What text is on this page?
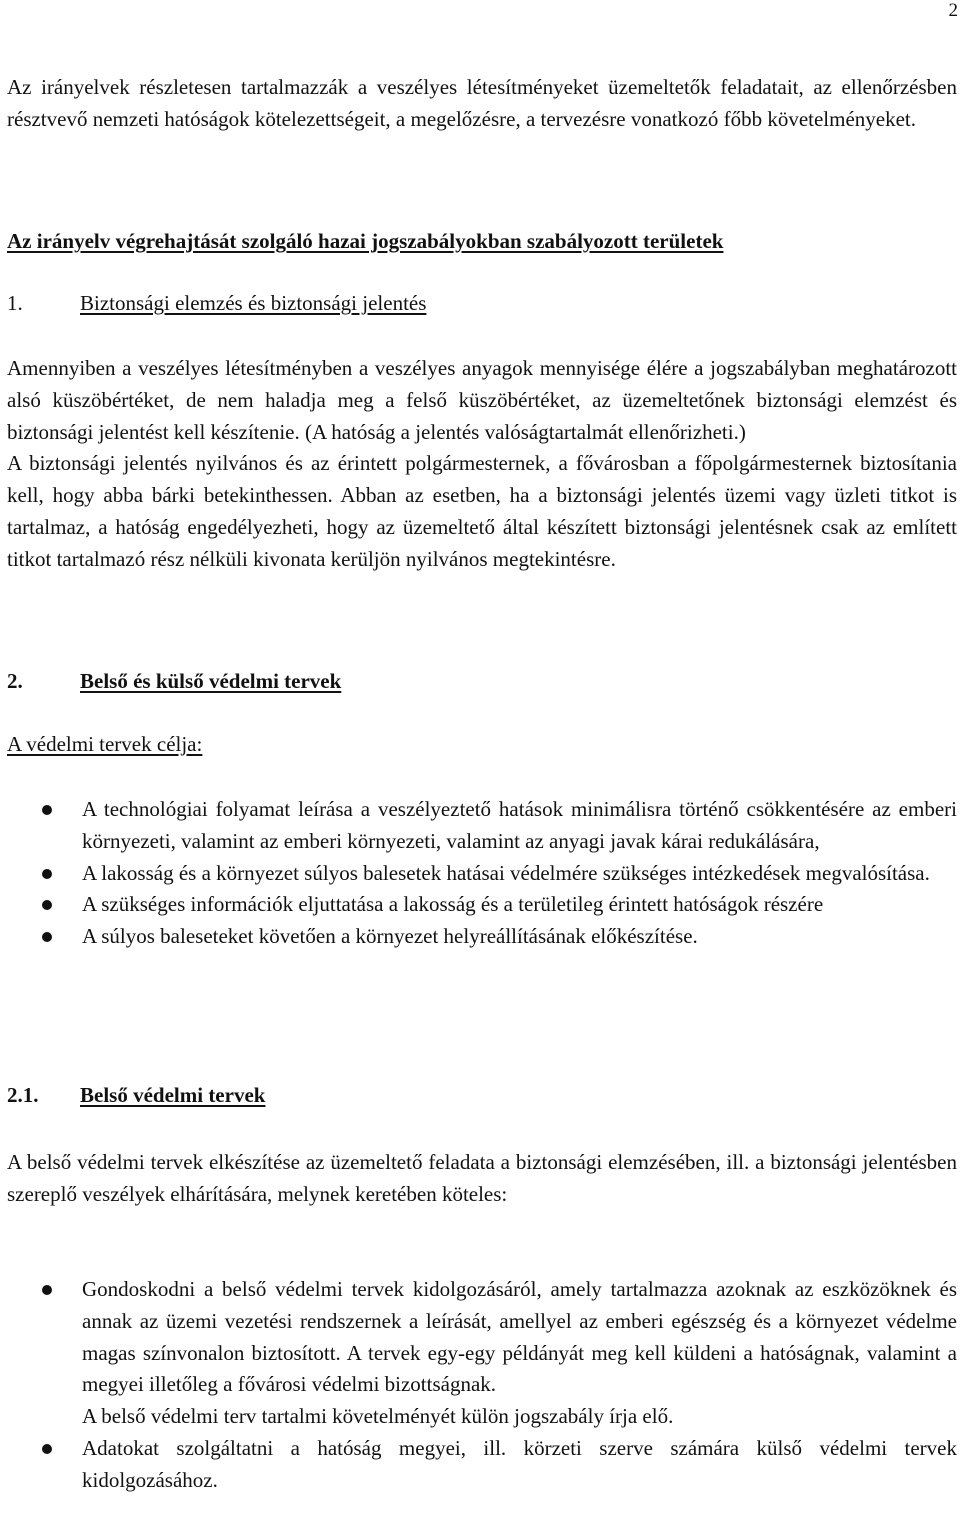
2

Az irányelvek részletesen tartalmazzák a veszélyes létesítményeket üzemeltetők feladatait, az ellenőrzésben résztvevő nemzeti hatóságok kötelezettségeit, a megelőzésre, a tervezésre vonatkozó főbb követelményeket.

Az irányelv végrehajtását szolgáló hazai jogszabályokban szabályozott területek
1.	Biztonsági elemzés és biztonsági jelentés

Amennyiben a veszélyes létesítményben a veszélyes anyagok mennyisége élére a jogszabályban meghatározott alsó küszöbértéket, de nem haladja meg a felső küszöbértéket, az üzemeltetőnek biztonsági elemzést és biztonsági jelentést kell készítenie. (A hatóság a jelentés valóságtartalmát ellenőrizheti.)

A biztonsági jelentés nyilvános és az érintett polgármesternek, a fővárosban a főpolgármesternek biztosítania kell, hogy abba bárki betekinthessen. Abban az esetben, ha a biztonsági jelentés üzemi vagy üzleti titkot is tartalmaz, a hatóság engedélyezheti, hogy az üzemeltető által készített biztonsági jelentésnek csak az említett titkot tartalmazó rész nélküli kivonata kerüljön nyilvános megtekintésre.

2.	Belső és külső védelmi tervek
A védelmi tervek célja:
A technológiai folyamat leírása a veszélyeztető hatások minimálisra történő csökkentésére az emberi környezeti, valamint az emberi környezeti, valamint az anyagi javak kárai redukálására,
A lakosság és a környezet súlyos balesetek hatásai védelmére szükséges intézkedések megvalósítása.
A szükséges információk eljuttatása a lakosság és a területileg érintett hatóságok részére
A súlyos baleseteket követően a környezet helyreállításának előkészítése.
2.1. Belső védelmi tervek

A belső védelmi tervek elkészítése az üzemeltető feladata a biztonsági elemzésében, ill. a biztonsági jelentésben szereplő veszélyek elhárítására, melynek keretében köteles:

Gondoskodni a belső védelmi tervek kidolgozásáról, amely tartalmazza azoknak az eszközöknek és annak az üzemi vezetési rendszernek a leírását, amellyel az emberi egészség és a környezet védelme magas színvonalon biztosított. A tervek egy-egy példányát meg kell küldeni a hatóságnak, valamint a megyei illetőleg a fővárosi védelmi bizottságnak.
A belső védelmi terv tartalmi követelményét külön jogszabály írja elő.
Adatokat szolgáltatni a hatóság megyei, ill. körzeti szerve számára külső védelmi tervek kidolgozásához.
